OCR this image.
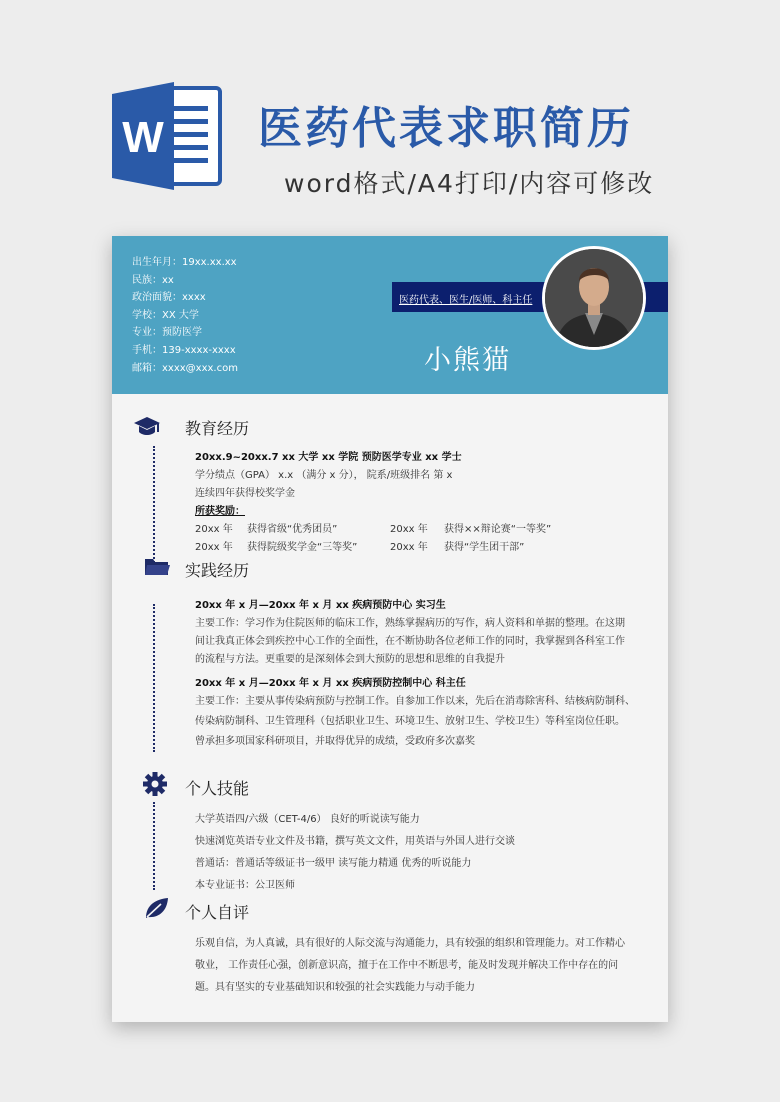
W 医药代表求职简历
word格式/A4打印/内容可修改
出生年月：19xx.xx.xx
民族：xx
政治面貌：xxxx
学校：XX 大学
专业：预防医学
手机：139-xxxx-xxxx
邮箱：xxxx@xxx.com
医药代表、医生/医师、科主任
小熊猫
教育经历
20xx.9~20xx.7 xx 大学 xx 学院 预防医学专业 xx 学士
学分绩点（GPA） x.x （满分 x 分）， 院系/班级排名 第 x
连续四年获得校奖学金
所获奖励：
20xx 年 获得省级“优秀团员”	20xx 年 获得××辩论赛“一等奖”
20xx 年 获得院级奖学金“三等奖”	20xx 年 获得“学生团干部”
实践经历
20xx 年 x 月—20xx 年 x 月 xx 疾病预防中心 实习生
主要工作：学习作为住院医师的临床工作，熟练掌握病历的写作，病人资料和单据的整理。在这期
间让我真正体会到疾控中心工作的全面性，在不断协助各位老师工作的同时，我掌握到各科室工作
的流程与方法。更重要的是深刻体会到大预防的思想和思维的自我提升
20xx 年 x 月—20xx 年 x 月 xx 疾病预防控制中心 科主任
主要工作：主要从事传染病预防与控制工作。自参加工作以来，先后在消毒除害科、结核病防制科、
传染病防制科、卫生管理科（包括职业卫生、环境卫生、放射卫生、学校卫生）等科室岗位任职。
曾承担多项国家科研项目，并取得优异的成绩，受政府多次嘉奖
个人技能
大学英语四/六级（CET-4/6） 良好的听说读写能力
快速浏览英语专业文件及书籍，撰写英文文件，用英语与外国人进行交谈
普通话：普通话等级证书一级甲 读写能力精通 优秀的听说能力
本专业证书：公卫医师
个人自评
乐观自信，为人真诚，具有很好的人际交流与沟通能力，具有较强的组织和管理能力。对工作精心
敬业， 工作责任心强，创新意识高，擅于在工作中不断思考，能及时发现并解决工作中存在的问
题。具有坚实的专业基础知识和较强的社会实践能力与动手能力
